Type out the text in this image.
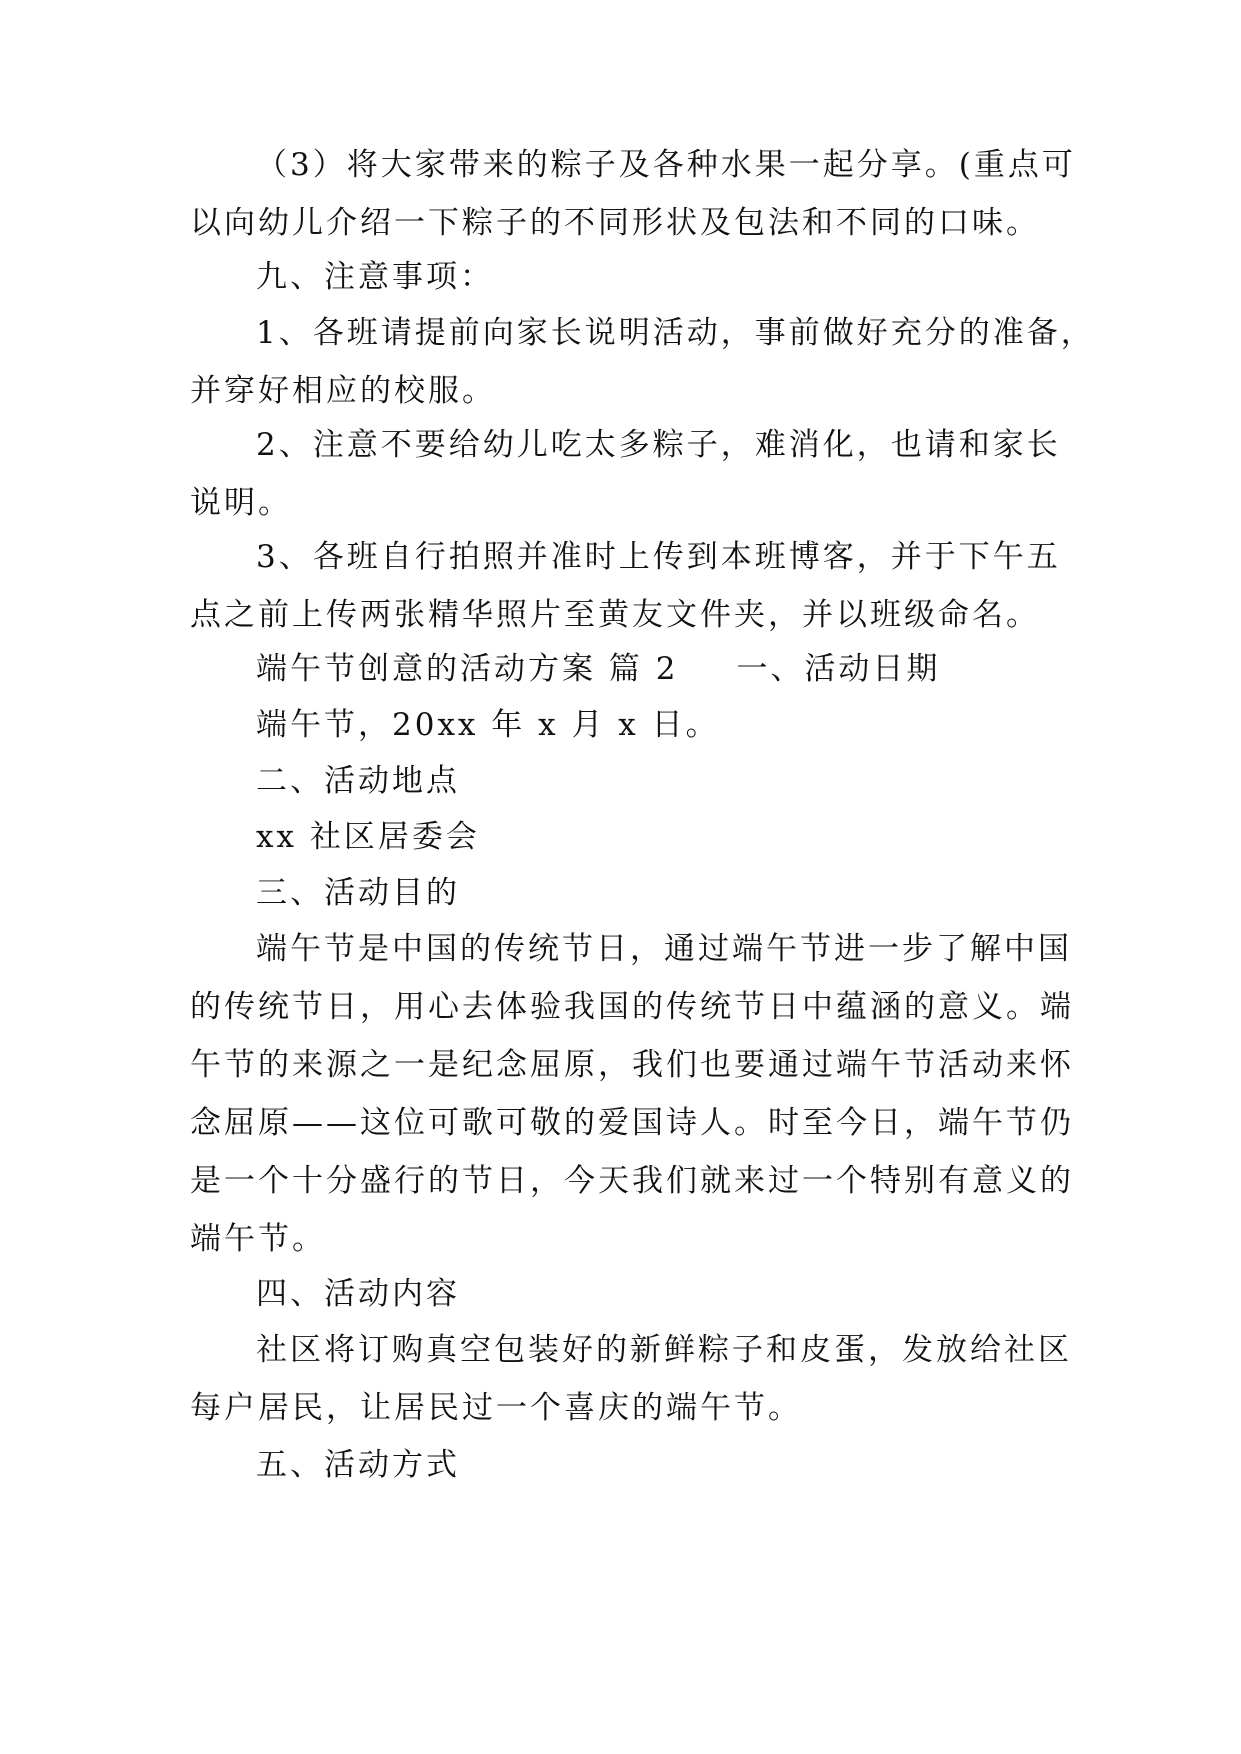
（3）将大家带来的粽子及各种水果一起分享。(重点可
以向幼儿介绍一下粽子的不同形状及包法和不同的口味。
九、注意事项：
1、各班请提前向家长说明活动，事前做好充分的准备，
并穿好相应的校服。
2、注意不要给幼儿吃太多粽子，难消化，也请和家长
说明。
3、各班自行拍照并准时上传到本班博客，并于下午五
点之前上传两张精华照片至黄友文件夹，并以班级命名。
端午节创意的活动方案 篇 2 一、活动日期
端午节，20xx 年 x 月 x 日。
二、活动地点
xx 社区居委会
三、活动目的
端午节是中国的传统节日，通过端午节进一步了解中国
的传统节日，用心去体验我国的传统节日中蕴涵的意义。端
午节的来源之一是纪念屈原，我们也要通过端午节活动来怀
念屈原——这位可歌可敬的爱国诗人。时至今日，端午节仍
是一个十分盛行的节日，今天我们就来过一个特别有意义的
端午节。
四、活动内容
社区将订购真空包装好的新鲜粽子和皮蛋，发放给社区
每户居民，让居民过一个喜庆的端午节。
五、活动方式
